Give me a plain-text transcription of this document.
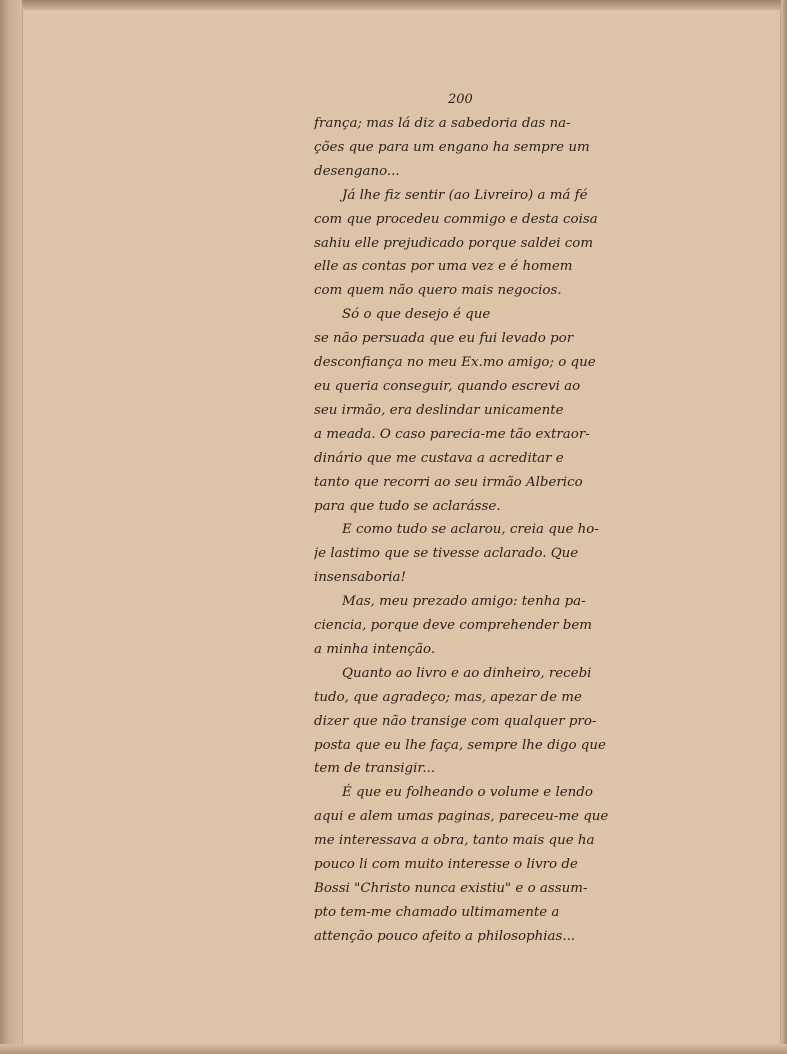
200
frança; mas lá diz a sabedoria das na-
ções que para um engano ha sempre um
desengano...
Já lhe fiz sentir (ao Livreiro) a má fé
com que procedeu commigo e desta coisa
sahiu elle prejudicado porque saldei com
elle as contas por uma vez e é homem
com quem não quero mais negocios.
Só o que desejo é que
se não persuada que eu fui levado por
desconfiança no meu Ex.mo amigo; o que
eu queria conseguir, quando escrevi ao
seu irmão, era deslindar unicamente
a meada. O caso parecia-me tão extraor-
dinário que me custava a acreditar e
tanto que recorri ao seu irmão Alberico
para que tudo se aclarásse.
E como tudo se aclarou, creia que ho-
je lastimo que se tivesse aclarado. Que
insensaboria!
Mas, meu prezado amigo: tenha pa-
ciencia, porque deve comprehender bem
a minha intenção.
Quanto ao livro e ao dinheiro, recebi
tudo, que agradeço; mas, apezar de me
dizer que não transige com qualquer pro-
posta que eu lhe faça, sempre lhe digo que
tem de transigir...
É que eu folheando o volume e lendo
aqui e alem umas paginas, pareceu-me que
me interessava a obra, tanto mais que ha
pouco li com muito interesse o livro de
Bossi "Christo nunca existiu" e o assum-
pto tem-me chamado ultimamente a
attenção pouco afeito a philosophias...
